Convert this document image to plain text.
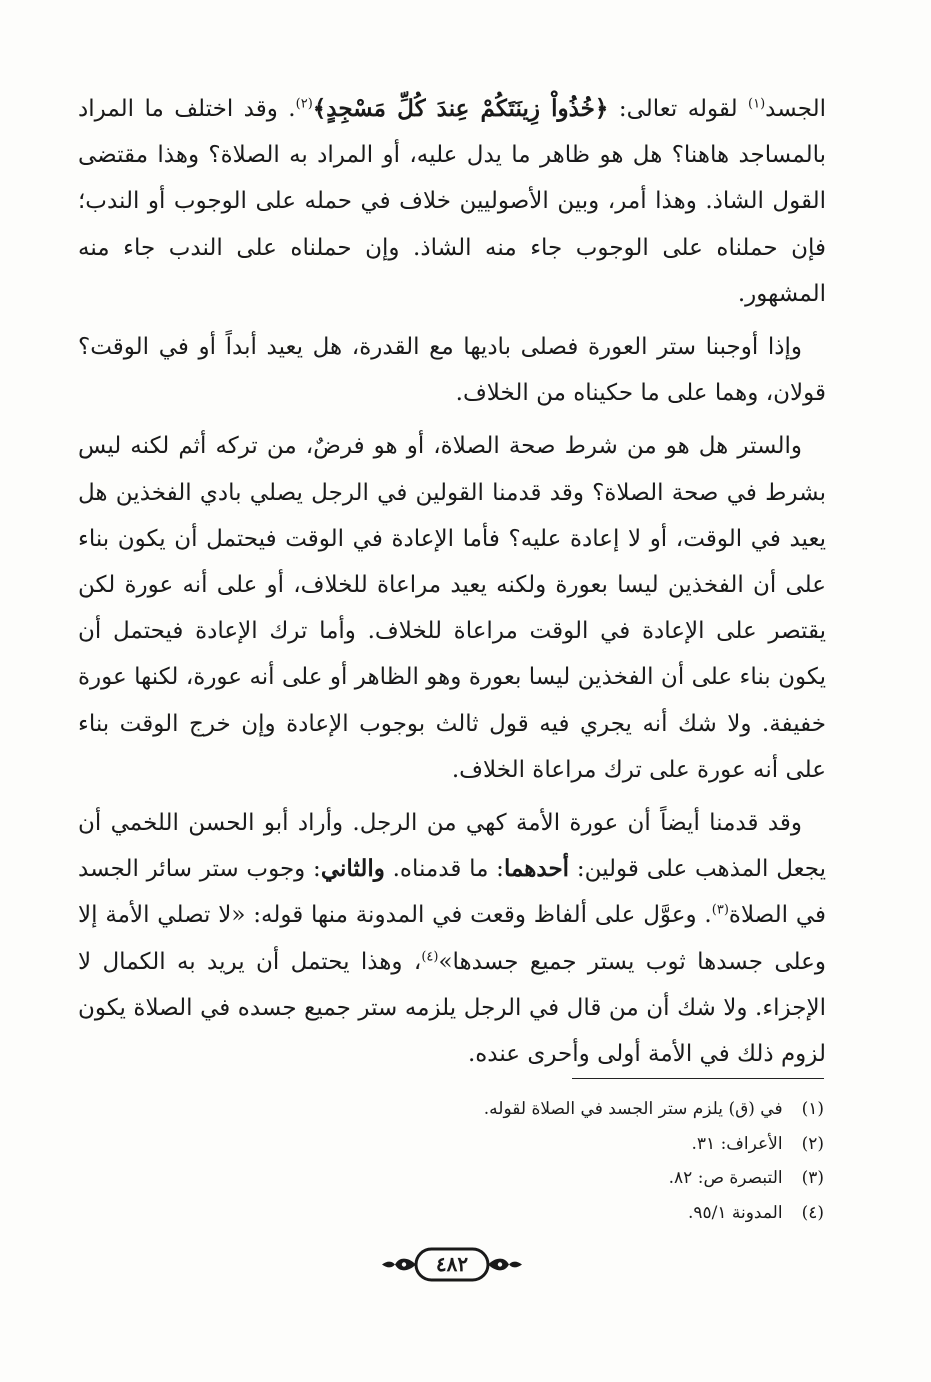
الجسد$^{(١)}$ لقوله تعالى: ﴿خُذُواْ زِينَتَكُمْ عِندَ كُلِّ مَسْجِدٍ﴾$^{(٢)}$. وقد اختلف ما المراد بالمساجد هاهنا؟ هل هو ظاهر ما يدل عليه، أو المراد به الصلاة؟ وهذا مقتضى القول الشاذ. وهذا أمر، وبين الأصوليين خلاف في حمله على الوجوب أو الندب؛ فإن حملناه على الوجوب جاء منه الشاذ. وإن حملناه على الندب جاء منه المشهور.

وإذا أوجبنا ستر العورة فصلى باديها مع القدرة، هل يعيد أبداً أو في الوقت؟ قولان، وهما على ما حكيناه من الخلاف.

والستر هل هو من شرط صحة الصلاة، أو هو فرضٌ، من تركه أثم لكنه ليس بشرط في صحة الصلاة؟ وقد قدمنا القولين في الرجل يصلي بادي الفخذين هل يعيد في الوقت، أو لا إعادة عليه؟ فأما الإعادة في الوقت فيحتمل أن يكون بناء على أن الفخذين ليسا بعورة ولكنه يعيد مراعاة للخلاف، أو على أنه عورة لكن يقتصر على الإعادة في الوقت مراعاة للخلاف. وأما ترك الإعادة فيحتمل أن يكون بناء على أن الفخذين ليسا بعورة وهو الظاهر أو على أنه عورة، لكنها عورة خفيفة. ولا شك أنه يجري فيه قول ثالث بوجوب الإعادة وإن خرج الوقت بناء على أنه عورة على ترك مراعاة الخلاف.

وقد قدمنا أيضاً أن عورة الأمة كهي من الرجل. وأراد أبو الحسن اللخمي أن يجعل المذهب على قولين: أحدهما: ما قدمناه. والثاني: وجوب ستر سائر الجسد في الصلاة$^{(٣)}$. وعوَّل على ألفاظ وقعت في المدونة منها قوله: «لا تصلي الأمة إلا وعلى جسدها ثوب يستر جميع جسدها»$^{(٤)}$، وهذا يحتمل أن يريد به الكمال لا الإجزاء. ولا شك أن من قال في الرجل يلزمه ستر جميع جسده في الصلاة يكون لزوم ذلك في الأمة أولى وأحرى عنده.

(١) في (ق) يلزم ستر الجسد في الصلاة لقوله.
(٢) الأعراف: ٣١.
(٣) التبصرة ص: ٨٢.
(٤) المدونة ٩٥/١.
٤٨٢
